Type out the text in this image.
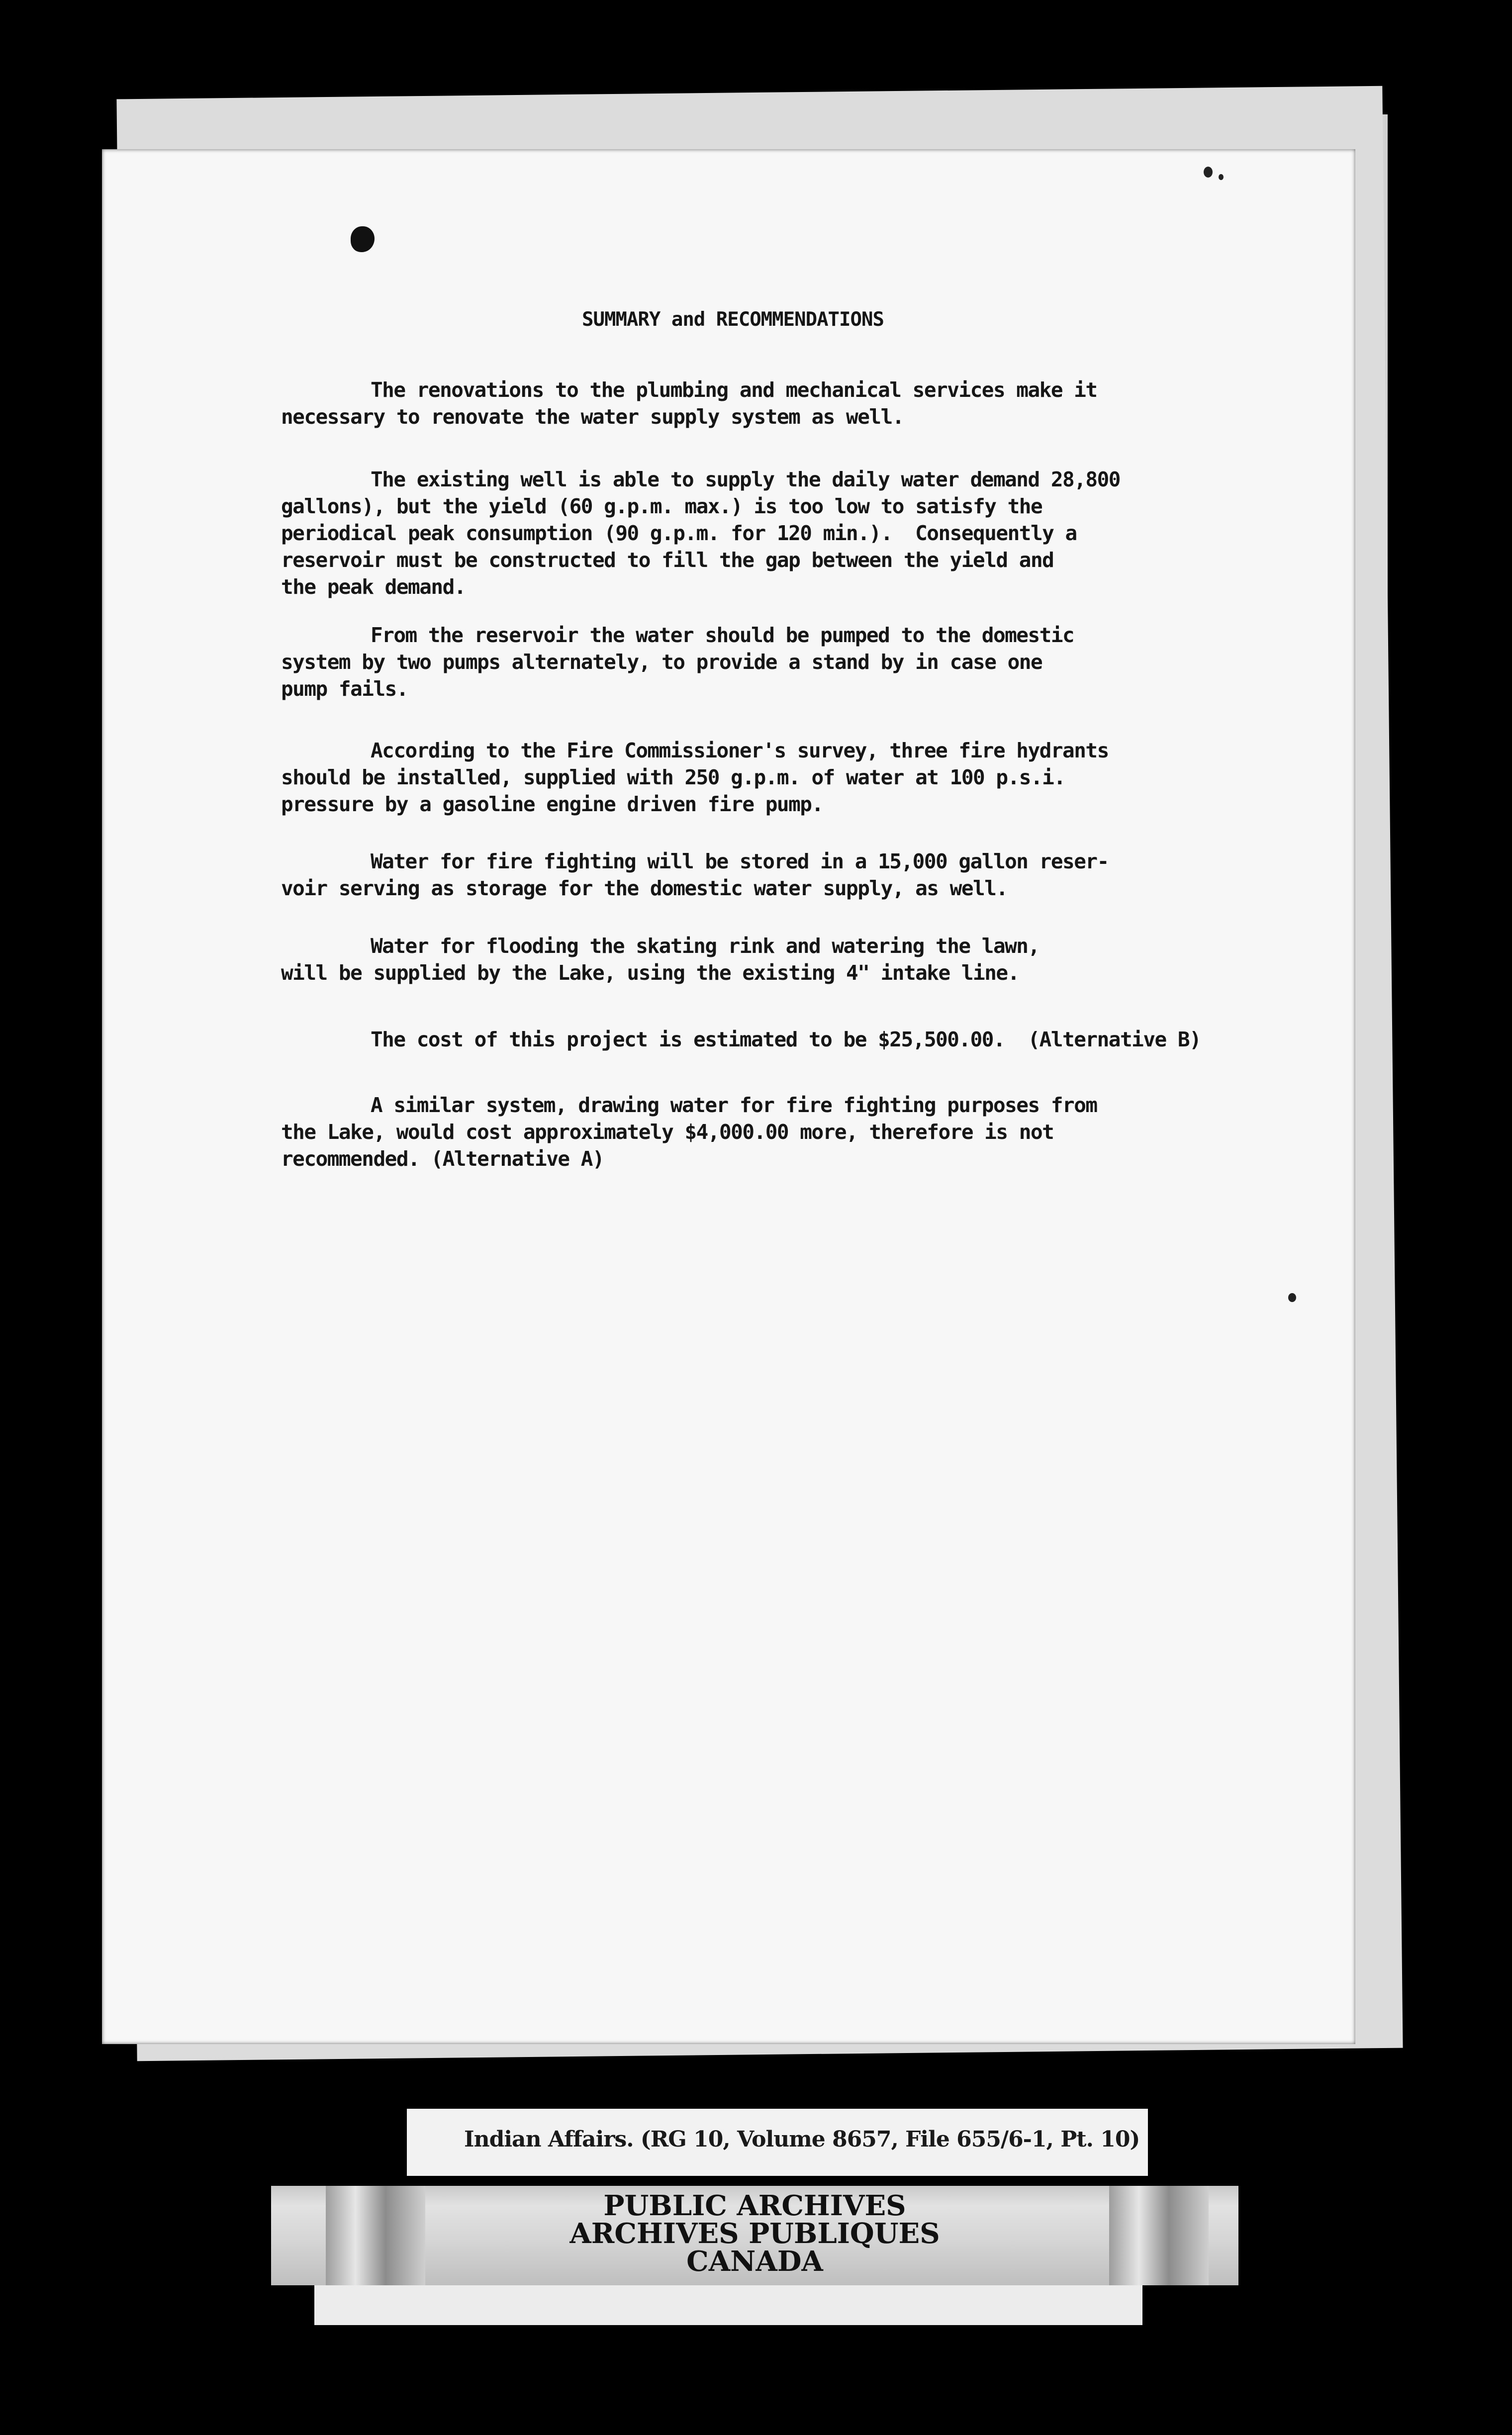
SUMMARY and RECOMMENDATIONS
The renovations to the plumbing and mechanical services make it
necessary to renovate the water supply system as well.
The existing well is able to supply the daily water demand 28,800
gallons), but the yield (60 g.p.m. max.) is too low to satisfy the
periodical peak consumption (90 g.p.m. for 120 min.).  Consequently a
reservoir must be constructed to fill the gap between the yield and
the peak demand.
From the reservoir the water should be pumped to the domestic
system by two pumps alternately, to provide a stand by in case one
pump fails.
According to the Fire Commissioner's survey, three fire hydrants
should be installed, supplied with 250 g.p.m. of water at 100 p.s.i.
pressure by a gasoline engine driven fire pump.
Water for fire fighting will be stored in a 15,000 gallon reser-
voir serving as storage for the domestic water supply, as well.
Water for flooding the skating rink and watering the lawn,
will be supplied by the Lake, using the existing 4" intake line.
The cost of this project is estimated to be $25,500.00.  (Alternative B)
A similar system, drawing water for fire fighting purposes from
the Lake, would cost approximately $4,000.00 more, therefore is not
recommended. (Alternative A)
Indian Affairs. (RG 10, Volume 8657, File 655/6-1, Pt. 10)
PUBLIC ARCHIVES
ARCHIVES PUBLIQUES
CANADA
